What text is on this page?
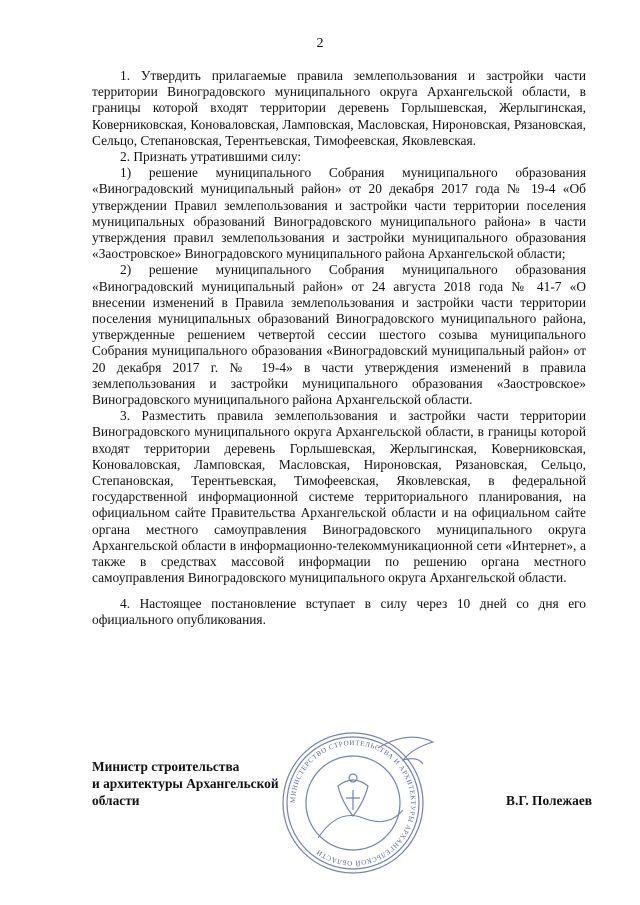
2

1. Утвердить прилагаемые правила землепользования и застройки части территории Виноградовского муниципального округа Архангельской области, в границы которой входят территории деревень Горлышевская, Жерлыгинская, Коверниковская, Коноваловская, Ламповская, Масловская, Нироновская, Рязановская, Сельцо, Степановская, Терентьевская, Тимофеевская, Яковлевская.

2. Признать утратившими силу:

1) решение муниципального Собрания муниципального образования «Виноградовский муниципальный район» от 20 декабря 2017 года № 19-4 «Об утверждении Правил землепользования и застройки части территории поселения муниципальных образований Виноградовского муниципального района» в части утверждения правил землепользования и застройки муниципального образования «Заостровское» Виноградовского муниципального района Архангельской области;

2) решение муниципального Собрания муниципального образования «Виноградовский муниципальный район» от 24 августа 2018 года № 41-7 «О внесении изменений в Правила землепользования и застройки части территории поселения муниципальных образований Виноградовского муниципального района, утвержденные решением четвертой сессии шестого созыва муниципального Собрания муниципального образования «Виноградовский муниципальный район» от 20 декабря 2017 г. № 19-4» в части утверждения изменений в правила землепользования и застройки муниципального образования «Заостровское» Виноградовского муниципального района Архангельской области.

3. Разместить правила землепользования и застройки части территории Виноградовского муниципального округа Архангельской области, в границы которой входят территории деревень Горлышевская, Жерлыгинская, Коверниковская, Коноваловская, Ламповская, Масловская, Нироновская, Рязановская, Сельцо, Степановская, Терентьевская, Тимофеевская, Яковлевская, в федеральной государственной информационной системе территориального планирования, на официальном сайте Правительства Архангельской области и на официальном сайте органа местного самоуправления Виноградовского муниципального округа Архангельской области в информационно-телекоммуникационной сети «Интернет», а также в средствах массовой информации по решению органа местного самоуправления Виноградовского муниципального округа Архангельской области.

4. Настоящее постановление вступает в силу через 10 дней со дня его официального опубликования.

МИНИСТЕРСТВО СТРОИТЕЛЬСТВА И АРХИТЕКТУРЫ АРХАНГЕЛЬСКОЙ ОБЛАСТИ
Министр строительства
и архитектуры Архангельской
области	В.Г. Полежаев
